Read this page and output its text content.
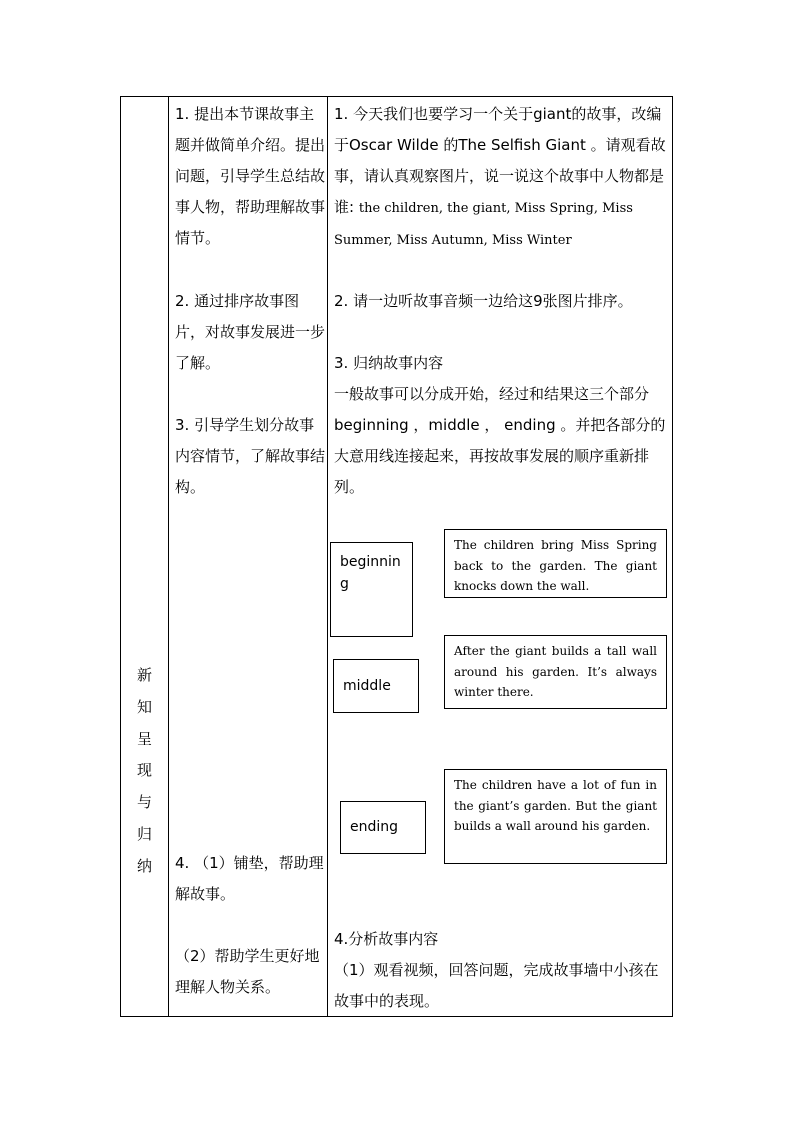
新
知
呈
现
与
归
纳
1. 提出本节课故事主题并做简单介绍。提出问题，引导学生总结故事人物，帮助理解故事情节。
2. 通过排序故事图片，对故事发展进一步了解。
3. 引导学生划分故事内容情节，了解故事结构。
4. （1）铺垫，帮助理解故事。
（2）帮助学生更好地理解人物关系。
1. 今天我们也要学习一个关于giant的故事，改编于Oscar Wilde 的The Selfish Giant 。请观看故事，请认真观察图片，说一说这个故事中人物都是谁: the children, the giant, Miss Spring, Miss Summer, Miss Autumn, Miss Winter
2. 请一边听故事音频一边给这9张图片排序。

3. 归纳故事内容

一般故事可以分成开始，经过和结果这三个部分beginning ，middle ， ending 。并把各部分的大意用线连接起来，再按故事发展的顺序重新排列。

4.分析故事内容

（1）观看视频，回答问题，完成故事墙中小孩在故事中的表现。

beginning
middle
ending
The children bring Miss Spring back to the garden. The giant knocks down the wall.
After the giant builds a tall wall around his garden. It’s always winter there.
The children have a lot of fun in the giant’s garden. But the giant builds a wall around his garden.
